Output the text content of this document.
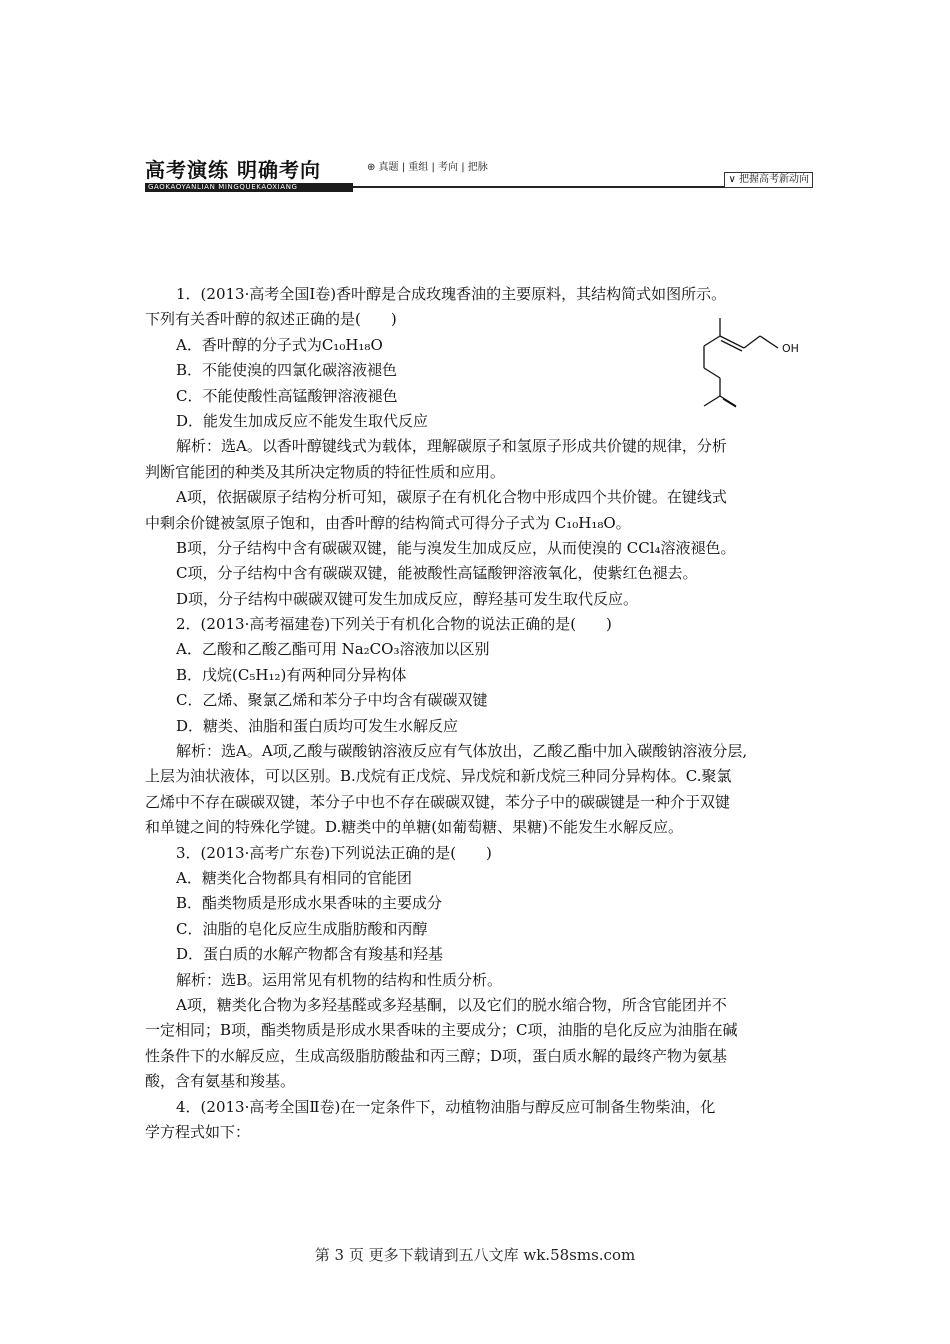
高考演练 明确考向	⊕ 真题 | 重组 | 考向 | 把脉
GAOKAOYANLIAN MINGQUEKAOXIANG
∨ 把握高考新动向
1．(2013·高考全国Ⅰ卷)香叶醇是合成玫瑰香油的主要原料，其结构简式如图所示。
下列有关香叶醇的叙述正确的是(　　)
A．香叶醇的分子式为C₁₀H₁₈O
B．不能使溴的四氯化碳溶液褪色
C．不能使酸性高锰酸钾溶液褪色
D．能发生加成反应不能发生取代反应
解析：选A。以香叶醇键线式为载体，理解碳原子和氢原子形成共价键的规律，分析
判断官能团的种类及其所决定物质的特征性质和应用。
A项，依据碳原子结构分析可知，碳原子在有机化合物中形成四个共价键。在键线式
中剩余价键被氢原子饱和，由香叶醇的结构简式可得分子式为 C₁₀H₁₈O。
B项，分子结构中含有碳碳双键，能与溴发生加成反应，从而使溴的 CCl₄溶液褪色。
C项，分子结构中含有碳碳双键，能被酸性高锰酸钾溶液氧化，使紫红色褪去。
D项，分子结构中碳碳双键可发生加成反应，醇羟基可发生取代反应。
2．(2013·高考福建卷)下列关于有机化合物的说法正确的是(　　)
A．乙酸和乙酸乙酯可用 Na₂CO₃溶液加以区别
B．戊烷(C₅H₁₂)有两种同分异构体
C．乙烯、聚氯乙烯和苯分子中均含有碳碳双键
D．糖类、油脂和蛋白质均可发生水解反应
解析：选A。A项,乙酸与碳酸钠溶液反应有气体放出，乙酸乙酯中加入碳酸钠溶液分层,
上层为油状液体，可以区别。B.戊烷有正戊烷、异戊烷和新戊烷三种同分异构体。C.聚氯
乙烯中不存在碳碳双键，苯分子中也不存在碳碳双键，苯分子中的碳碳键是一种介于双键
和单键之间的特殊化学键。D.糖类中的单糖(如葡萄糖、果糖)不能发生水解反应。
3．(2013·高考广东卷)下列说法正确的是(　　)
A．糖类化合物都具有相同的官能团
B．酯类物质是形成水果香味的主要成分
C．油脂的皂化反应生成脂肪酸和丙醇
D．蛋白质的水解产物都含有羧基和羟基
解析：选B。运用常见有机物的结构和性质分析。
A项，糖类化合物为多羟基醛或多羟基酮，以及它们的脱水缩合物，所含官能团并不
一定相同；B项，酯类物质是形成水果香味的主要成分；C项，油脂的皂化反应为油脂在碱
性条件下的水解反应，生成高级脂肪酸盐和丙三醇；D项，蛋白质水解的最终产物为氨基
酸，含有氨基和羧基。
4．(2013·高考全国Ⅱ卷)在一定条件下，动植物油脂与醇反应可制备生物柴油，化
学方程式如下：
OH
第 3 页 更多下载请到五八文库 wk.58sms.com
